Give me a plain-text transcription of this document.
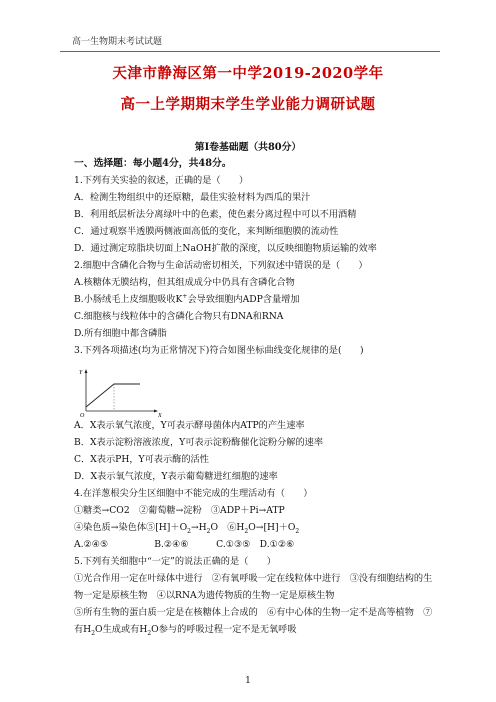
高一生物期末考试试题
天津市静海区第一中学2019-2020学年
高一上学期期末学生学业能力调研试题
第Ⅰ卷基础题（共80分）
一、选择题：每小题4分，共48分。
1.下列有关实验的叙述，正确的是（　　）
A．检测生物组织中的还原糖，最佳实验材料为西瓜的果汁
B．利用纸层析法分离绿叶中的色素，使色素分离过程中可以不用酒精
C．通过观察半透膜两侧液面高低的变化，来判断细胞膜的流动性
D．通过测定琼脂块切面上NaOH扩散的深度，以反映细胞物质运输的效率
2.细胞中含磷化合物与生命活动密切相关，下列叙述中错误的是（　　）
A.核糖体无膜结构，但其组成成分中仍具有含磷化合物
B.小肠绒毛上皮细胞吸收K+会导致细胞内ADP含量增加
C.细胞核与线粒体中的含磷化合物只有DNA和RNA
D.所有细胞中都含磷脂
3.下列各项描述(均为正常情况下)符合如图坐标曲线变化规律的是(　　)
Y
O	X
A．X表示氧气浓度，Y可表示酵母菌体内ATP的产生速率
B．X表示淀粉溶液浓度，Y可表示淀粉酶催化淀粉分解的速率
C．X表示PH，Y可表示酶的活性
D．X表示氧气浓度，Y表示葡萄糖进红细胞的速率
4.在洋葱根尖分生区细胞中不能完成的生理活动有（　　）
①糖类→CO2　②葡萄糖→淀粉　③ADP＋Pi→ATP
④染色质→染色体$⑤[H]+O_2\to H_2O$　$⑥H_2O\to[H]+O_2$
A.②④⑤　　　　　B.②④⑥　　　C.①③⑤　D.①②⑥
5.下列有关细胞中“一定”的说法正确的是（　　）
①光合作用一定在叶绿体中进行　②有氧呼吸一定在线粒体中进行　③没有细胞结构的生
物一定是原核生物　④以RNA为遗传物质的生物一定是原核生物
⑤所有生物的蛋白质一定是在核糖体上合成的　⑥有中心体的生物一定不是高等植物　⑦
有$H_2O$生成或有$H_2O$参与的呼吸过程一定不是无氧呼吸
1
